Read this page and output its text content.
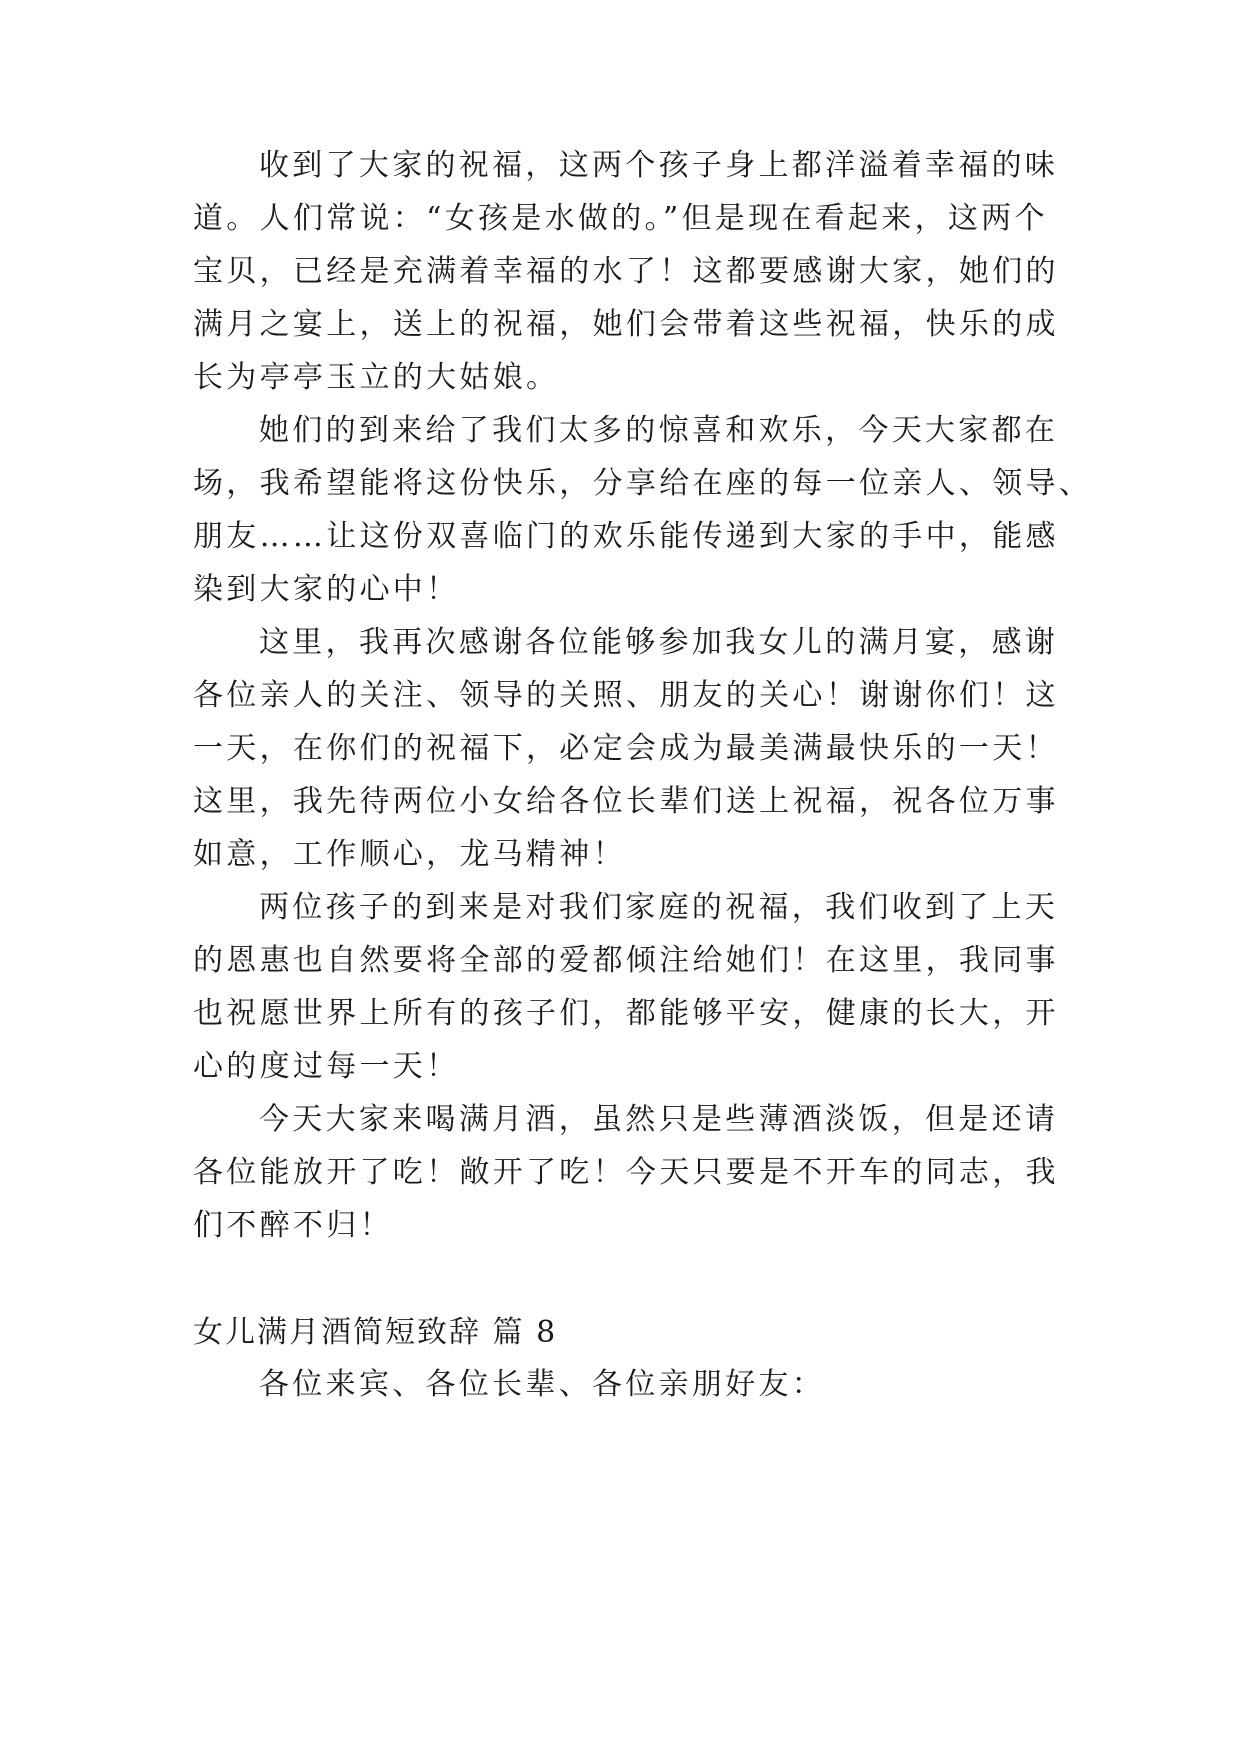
收到了大家的祝福，这两个孩子身上都洋溢着幸福的味
道。人们常说：“女孩是水做的。”但是现在看起来，这两个
宝贝，已经是充满着幸福的水了！这都要感谢大家，她们的
满月之宴上，送上的祝福，她们会带着这些祝福，快乐的成
长为亭亭玉立的大姑娘。
她们的到来给了我们太多的惊喜和欢乐，今天大家都在
场，我希望能将这份快乐，分享给在座的每一位亲人、领导、
朋友……让这份双喜临门的欢乐能传递到大家的手中，能感
染到大家的心中！
这里，我再次感谢各位能够参加我女儿的满月宴，感谢
各位亲人的关注、领导的关照、朋友的关心！谢谢你们！这
一天，在你们的祝福下，必定会成为最美满最快乐的一天！
这里，我先待两位小女给各位长辈们送上祝福，祝各位万事
如意，工作顺心，龙马精神！
两位孩子的到来是对我们家庭的祝福，我们收到了上天
的恩惠也自然要将全部的爱都倾注给她们！在这里，我同事
也祝愿世界上所有的孩子们，都能够平安，健康的长大，开
心的度过每一天！
今天大家来喝满月酒，虽然只是些薄酒淡饭，但是还请
各位能放开了吃！敞开了吃！今天只要是不开车的同志，我
们不醉不归！
女儿满月酒简短致辞 篇 8
各位来宾、各位长辈、各位亲朋好友：
